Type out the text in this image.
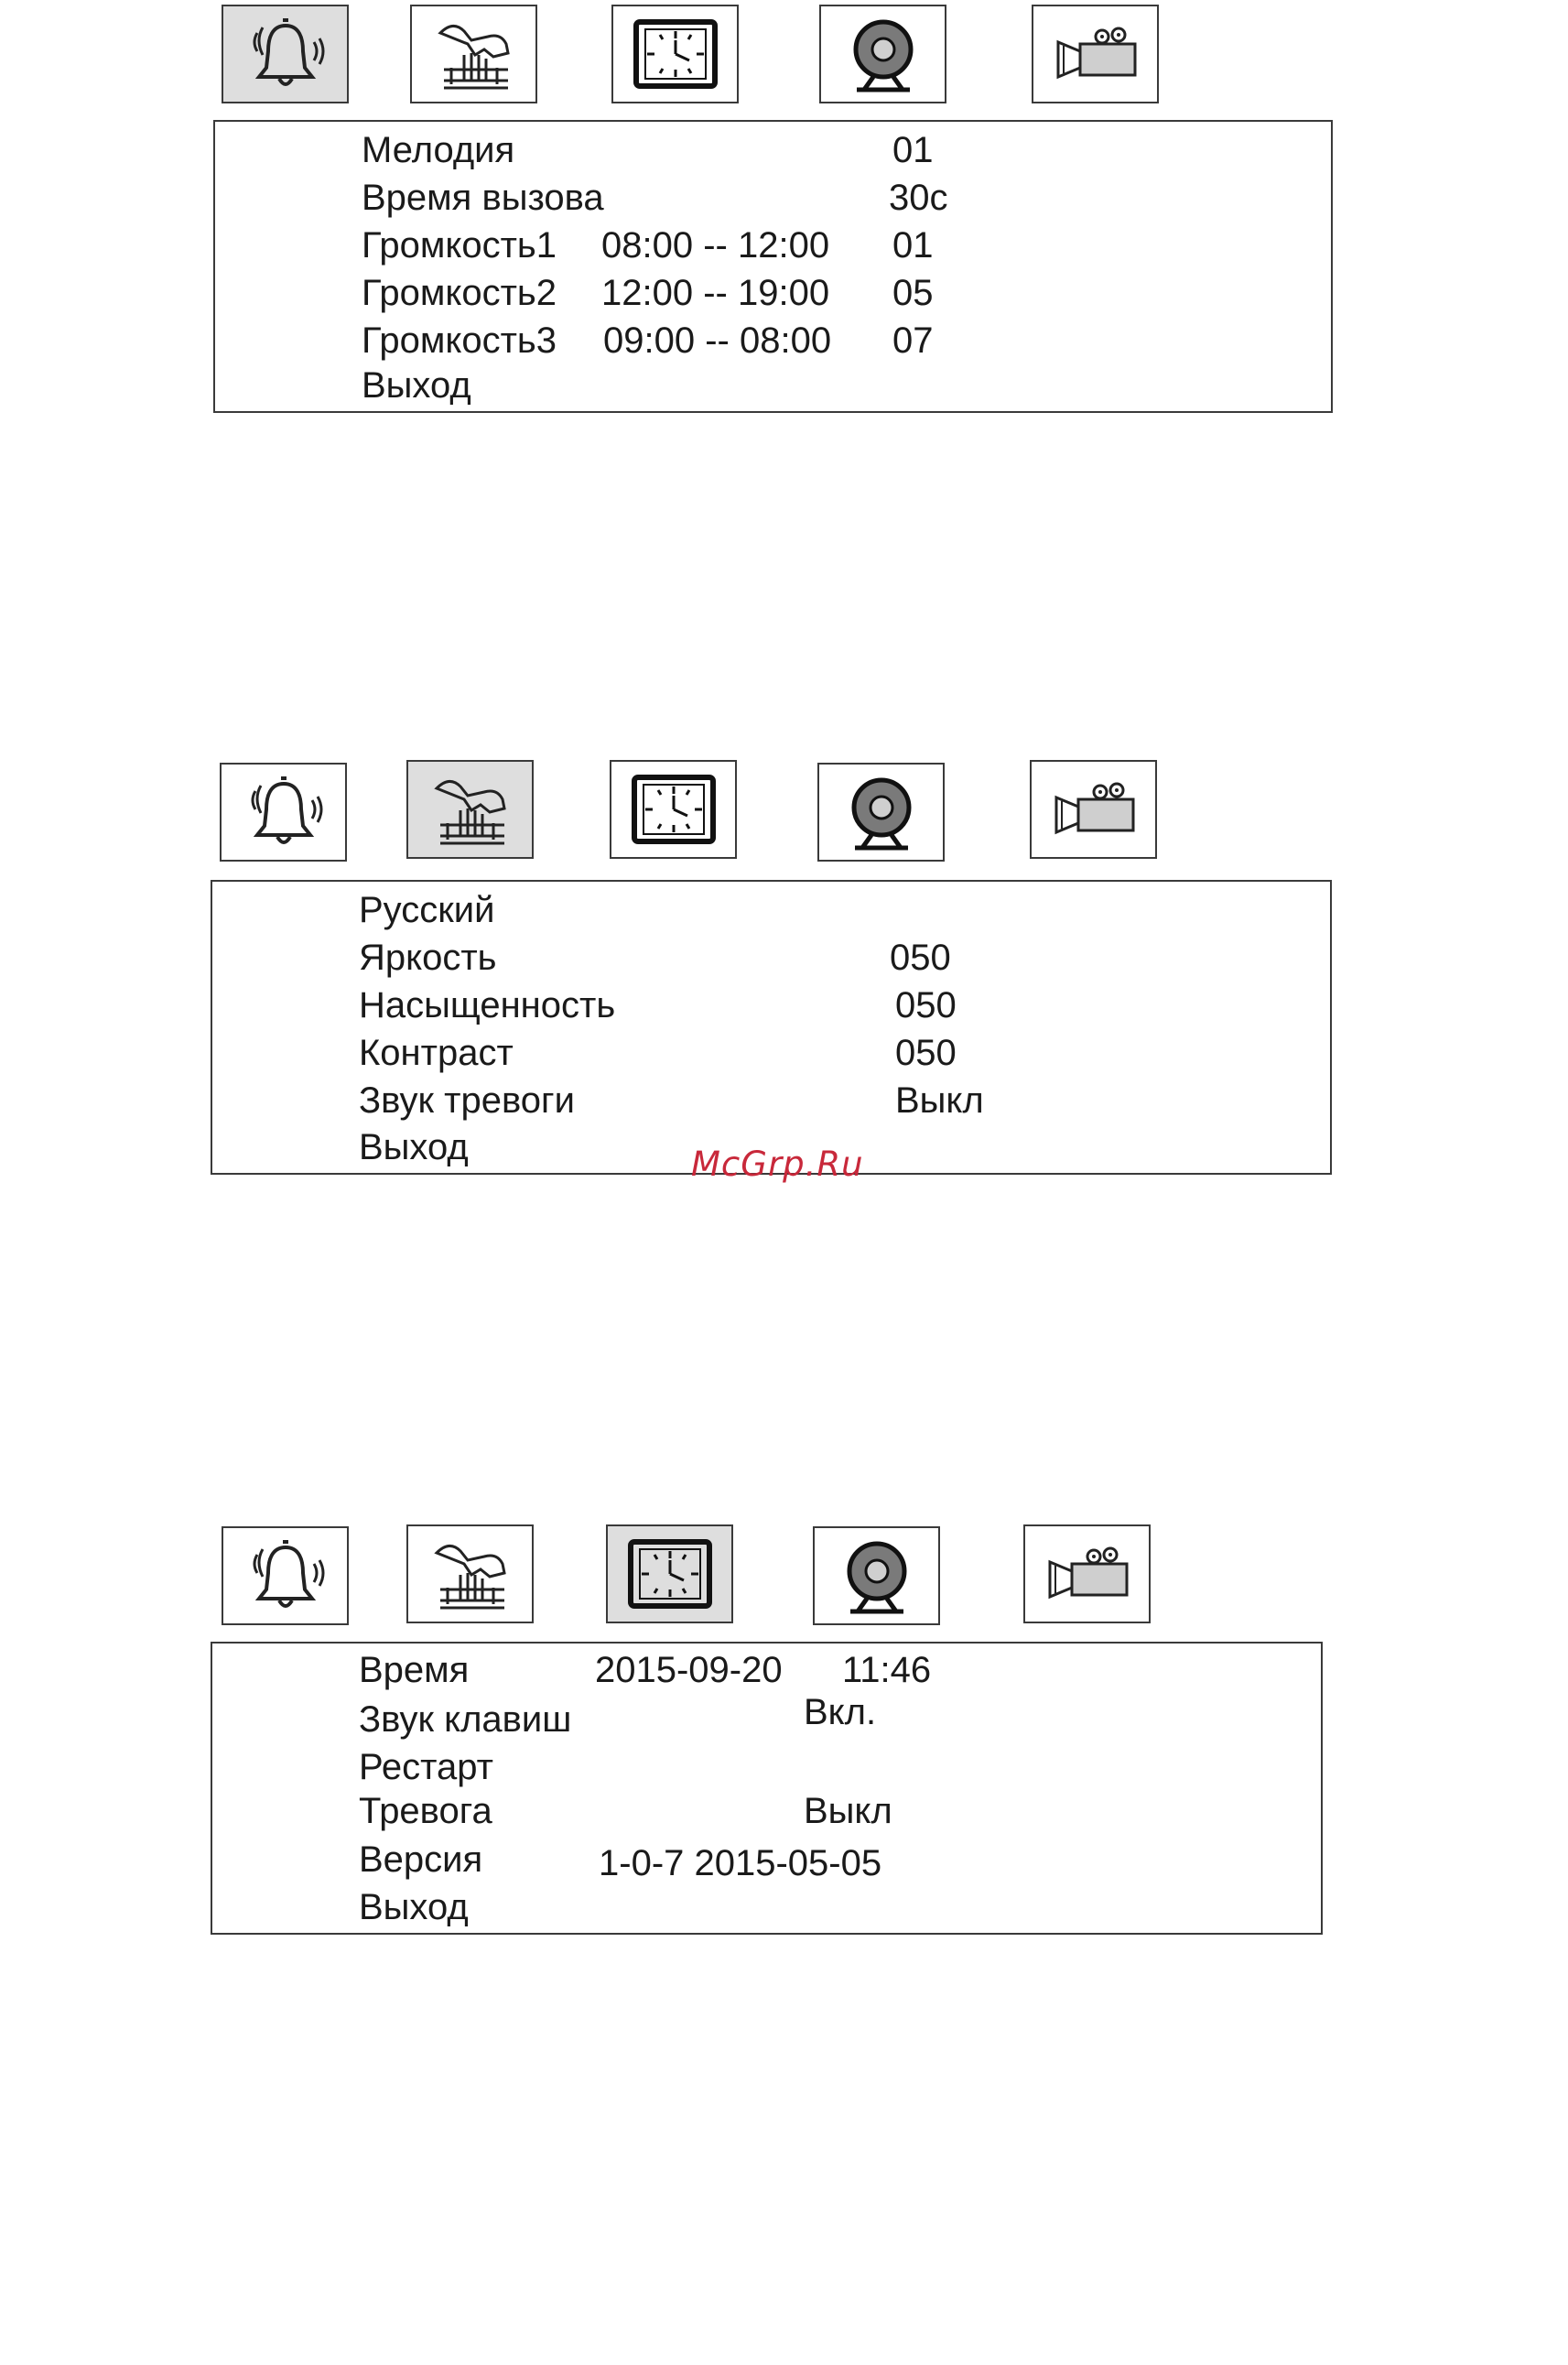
Мелодия	01
Время вызова	30с
Громкость1 08:00 -- 12:00 01
Громкость2 12:00 -- 19:00 05
Громкость3 09:00 -- 08:00 07
Выход
Русский
Яркость	050
Насыщенность	050
Контраст	050
Звук тревоги	Выкл
Выход	McGrp.Ru
Время	2015-09-20 11:46
Звук клавиш	Вкл.
Рестарт
Тревога	Выкл
Версия	1-0-7 2015-05-05
Выход
